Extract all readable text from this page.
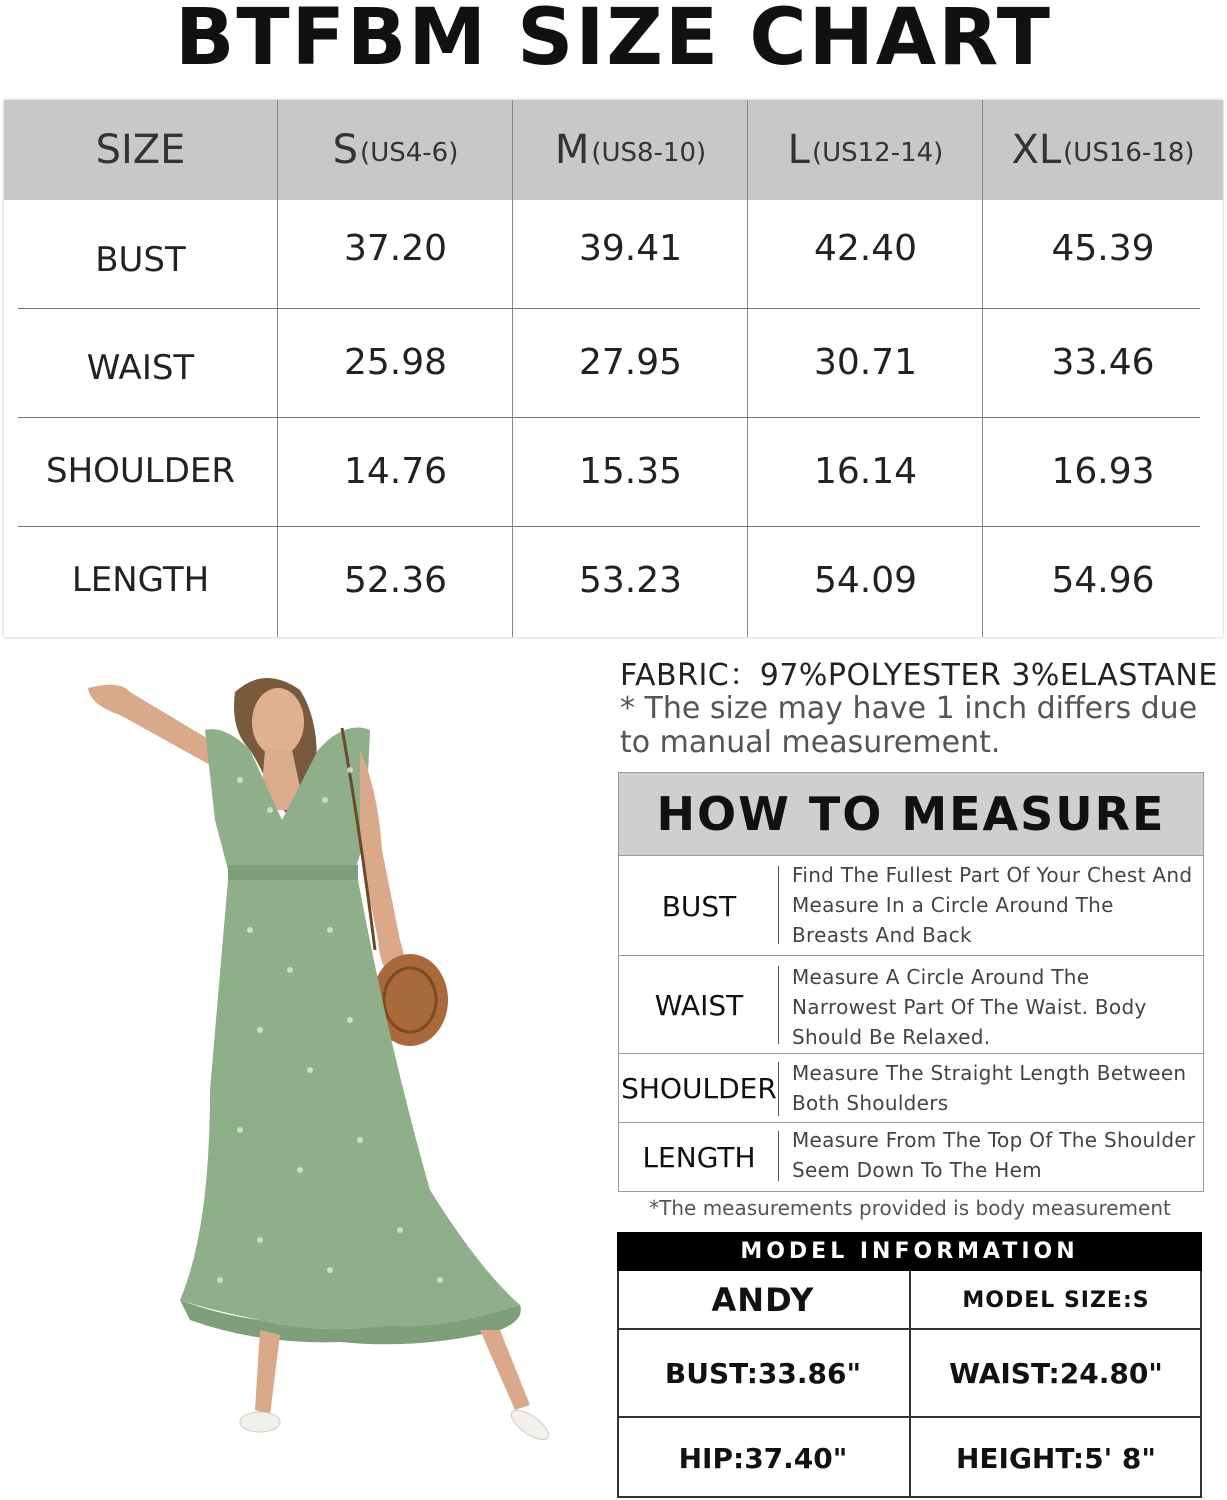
BTFBM SIZE CHART
SIZE	S (US4-6) M (US8-10) L (US12-14) XL (US16-18)
BUST	37.20	39.41	42.40	45.39
WAIST	25.98	27.95	30.71	33.46
SHOULDER	14.76	15.35	16.14	16.93
LENGTH	52.36	53.23	54.09	54.96
FABRIC：97%POLYESTER 3%ELASTANE
* The size may have 1 inch differs due to manual measurement.
HOW TO MEASURE
BUST
Find The Fullest Part Of Your Chest And Measure In a Circle Around The Breasts And Back
WAIST
Measure A Circle Around The Narrowest Part Of The Waist. Body Should Be Relaxed.
SHOULDER Measure The Straight Length Between Both Shoulders
LENGTH
Measure From The Top Of The Shoulder Seem Down To The Hem
*The measurements provided is body measurement
MODEL INFORMATION
ANDY	MODEL SIZE:S
BUST:33.86"	WAIST:24.80"
HIP:37.40"	HEIGHT:5' 8"
